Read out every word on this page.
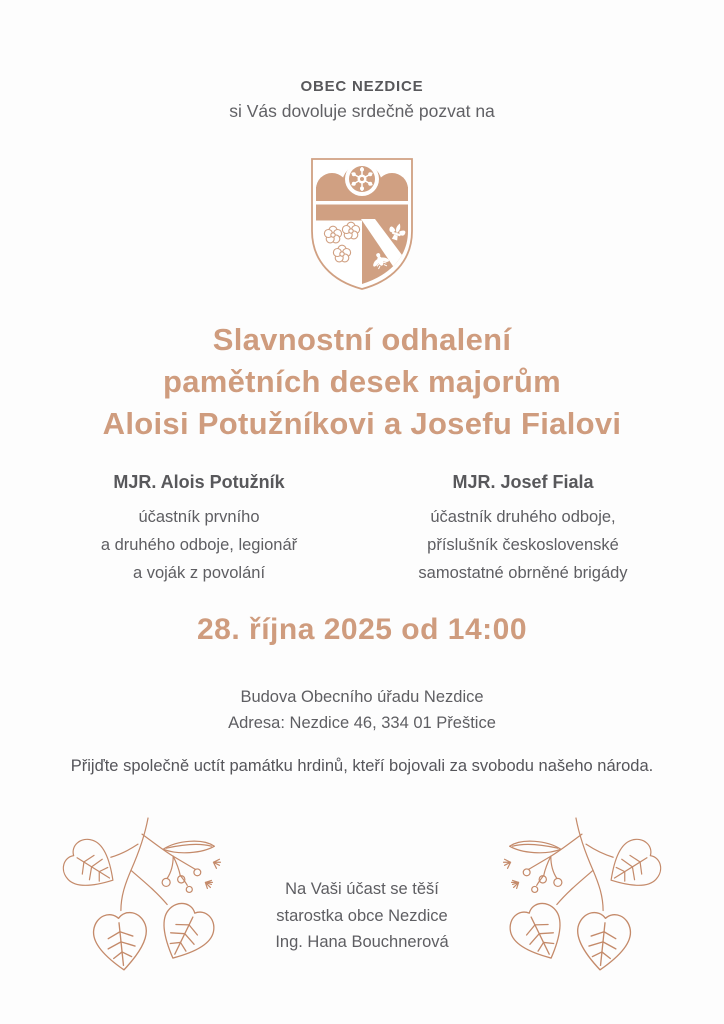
OBEC NEZDICE
si Vás dovoluje srdečně pozvat na
Slavnostní odhalení
pamětních desek majorům
Aloisi Potužníkovi a Josefu Fialovi
MJR. Alois Potužník
účastník prvního
a druhého odboje, legionář
a voják z povolání
MJR. Josef Fiala
účastník druhého odboje,
příslušník československé
samostatné obrněné brigády
28. října 2025 od 14:00
Budova Obecního úřadu Nezdice
Adresa: Nezdice 46, 334 01 Přeštice
Přijďte společně uctít památku hrdinů, kteří bojovali za svobodu našeho národa.
Na Vaši účast se těší
starostka obce Nezdice
Ing. Hana Bouchnerová
